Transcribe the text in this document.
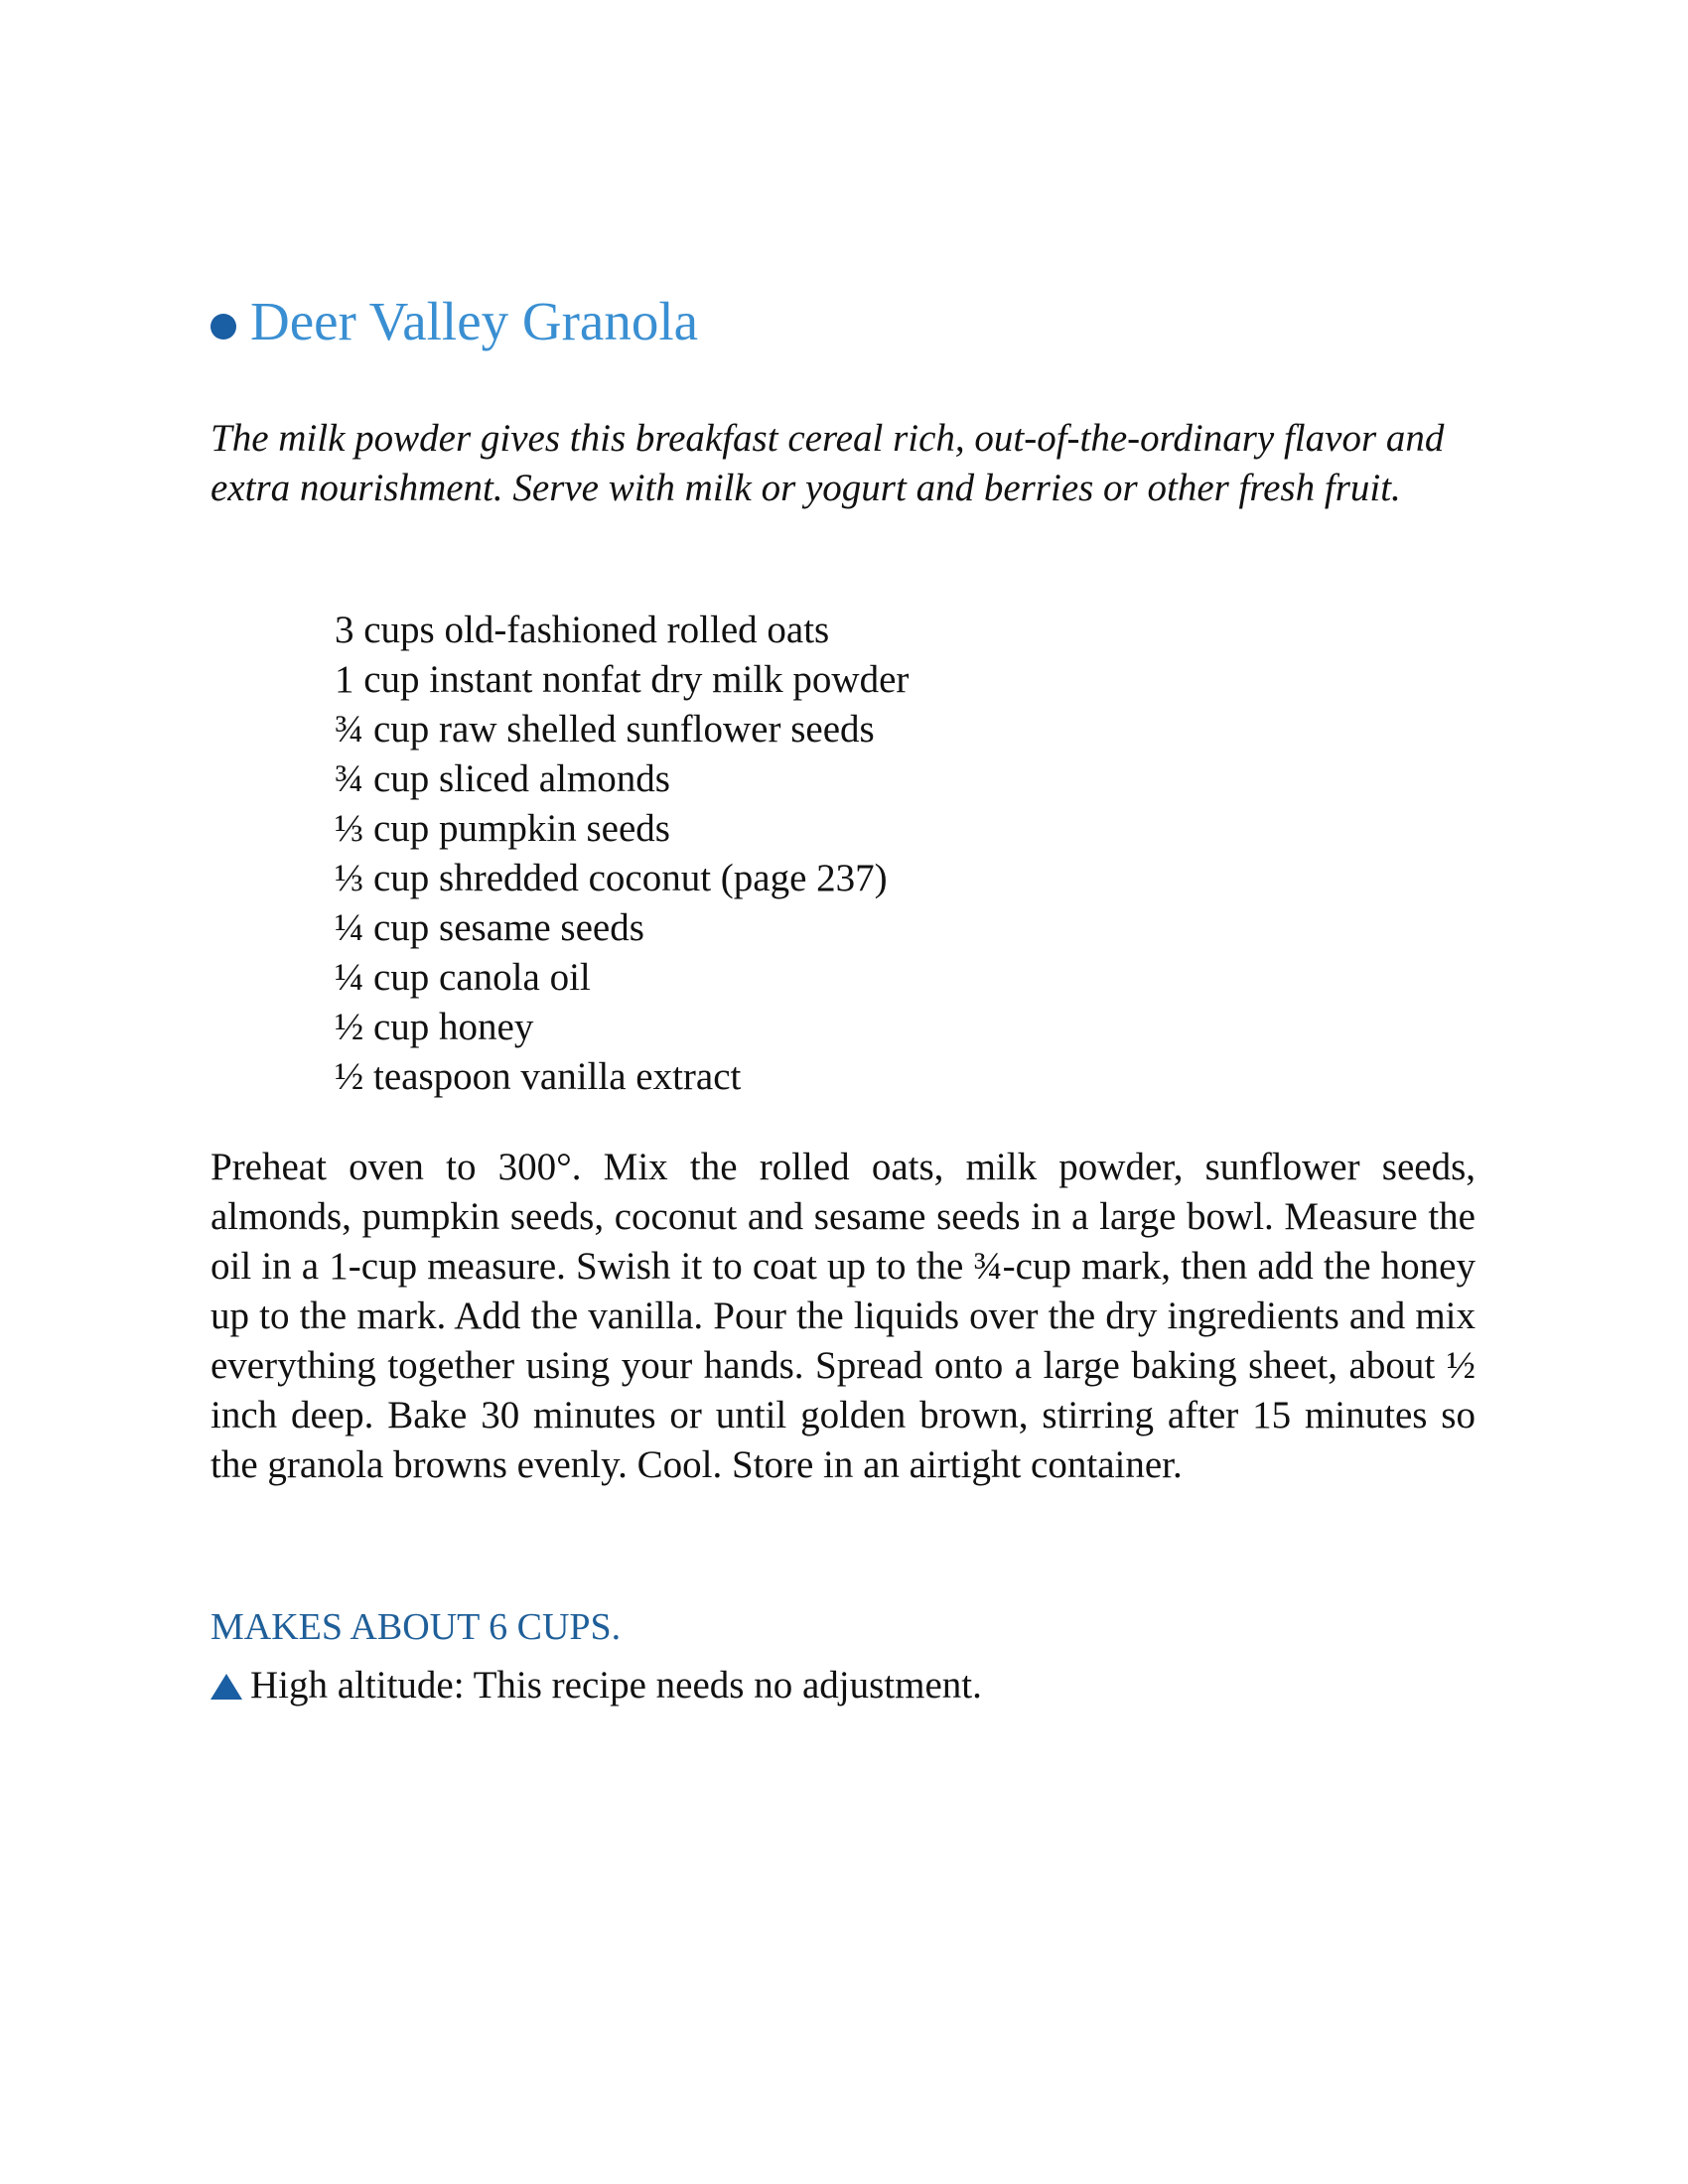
Deer Valley Granola

The milk powder gives this breakfast cereal rich, out-of-the-ordinary flavor and extra nourishment. Serve with milk or yogurt and berries or other fresh fruit.

3 cups old-fashioned rolled oats
1 cup instant nonfat dry milk powder
¾ cup raw shelled sunflower seeds
¾ cup sliced almonds
⅓ cup pumpkin seeds
⅓ cup shredded coconut (page 237)
¼ cup sesame seeds
¼ cup canola oil
½ cup honey
½ teaspoon vanilla extract

Preheat oven to 300°. Mix the rolled oats, milk powder, sunflower seeds, almonds, pumpkin seeds, coconut and sesame seeds in a large bowl. Measure the oil in a 1-cup measure. Swish it to coat up to the ¾-cup mark, then add the honey up to the mark. Add the vanilla. Pour the liquids over the dry ingredients and mix everything together using your hands. Spread onto a large baking sheet, about ½ inch deep. Bake 30 minutes or until golden brown, stirring after 15 minutes so the granola browns evenly. Cool. Store in an airtight container.

MAKES ABOUT 6 CUPS.
High altitude: This recipe needs no adjustment.
